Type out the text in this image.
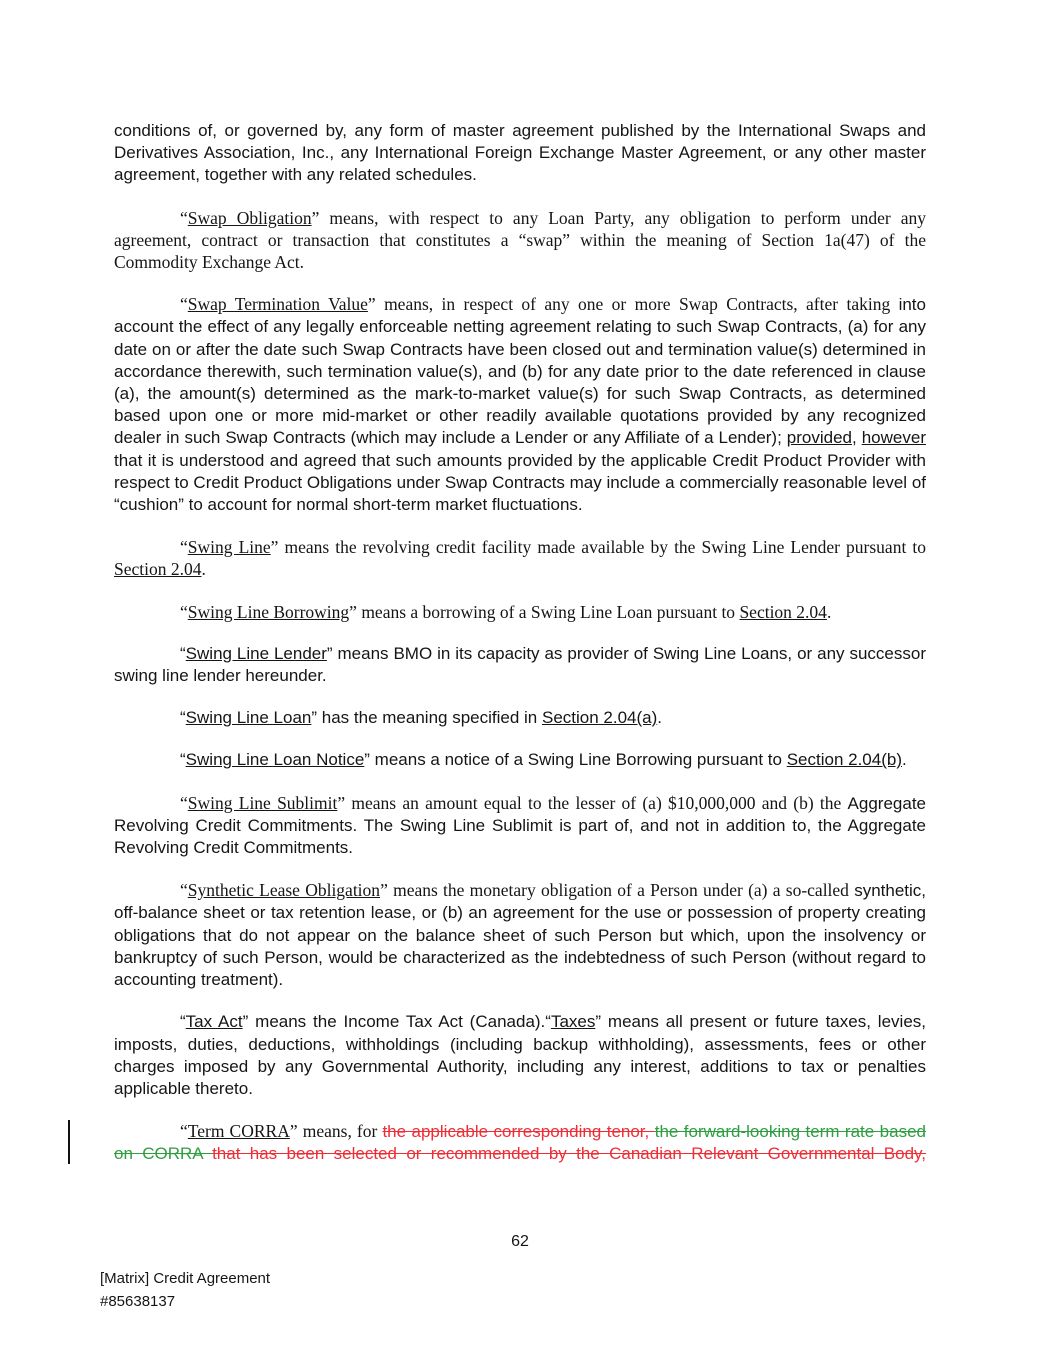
conditions of, or governed by, any form of master agreement published by the International Swaps and Derivatives Association, Inc., any International Foreign Exchange Master Agreement, or any other master agreement, together with any related schedules.

“Swap Obligation” means, with respect to any Loan Party, any obligation to perform under any agreement, contract or transaction that constitutes a “swap” within the meaning of Section 1a(47) of the Commodity Exchange Act.

“Swap Termination Value” means, in respect of any one or more Swap Contracts, after taking into account the effect of any legally enforceable netting agreement relating to such Swap Contracts, (a) for any date on or after the date such Swap Contracts have been closed out and termination value(s) determined in accordance therewith, such termination value(s), and (b) for any date prior to the date referenced in clause (a), the amount(s) determined as the mark-to-market value(s) for such Swap Contracts, as determined based upon one or more mid-market or other readily available quotations provided by any recognized dealer in such Swap Contracts (which may include a Lender or any Affiliate of a Lender); provided, however that it is understood and agreed that such amounts provided by the applicable Credit Product Provider with respect to Credit Product Obligations under Swap Contracts may include a commercially reasonable level of “cushion” to account for normal short-term market fluctuations.

“Swing Line” means the revolving credit facility made available by the Swing Line Lender pursuant to Section 2.04.

“Swing Line Borrowing” means a borrowing of a Swing Line Loan pursuant to Section 2.04.

“Swing Line Lender” means BMO in its capacity as provider of Swing Line Loans, or any successor swing line lender hereunder.

“Swing Line Loan” has the meaning specified in Section 2.04(a).

“Swing Line Loan Notice” means a notice of a Swing Line Borrowing pursuant to Section 2.04(b).

“Swing Line Sublimit” means an amount equal to the lesser of (a) $10,000,000 and (b) the Aggregate Revolving Credit Commitments. The Swing Line Sublimit is part of, and not in addition to, the Aggregate Revolving Credit Commitments.

“Synthetic Lease Obligation” means the monetary obligation of a Person under (a) a so-called synthetic, off-balance sheet or tax retention lease, or (b) an agreement for the use or possession of property creating obligations that do not appear on the balance sheet of such Person but which, upon the insolvency or bankruptcy of such Person, would be characterized as the indebtedness of such Person (without regard to accounting treatment).

“Tax Act” means the Income Tax Act (Canada).“Taxes” means all present or future taxes, levies, imposts, duties, deductions, withholdings (including backup withholding), assessments, fees or other charges imposed by any Governmental Authority, including any interest, additions to tax or penalties applicable thereto.

“Term CORRA” means, for the applicable corresponding tenor, the forward-looking term rate based on CORRA that has been selected or recommended by the Canadian Relevant Governmental Body,

62
[Matrix] Credit Agreement
#85638137
